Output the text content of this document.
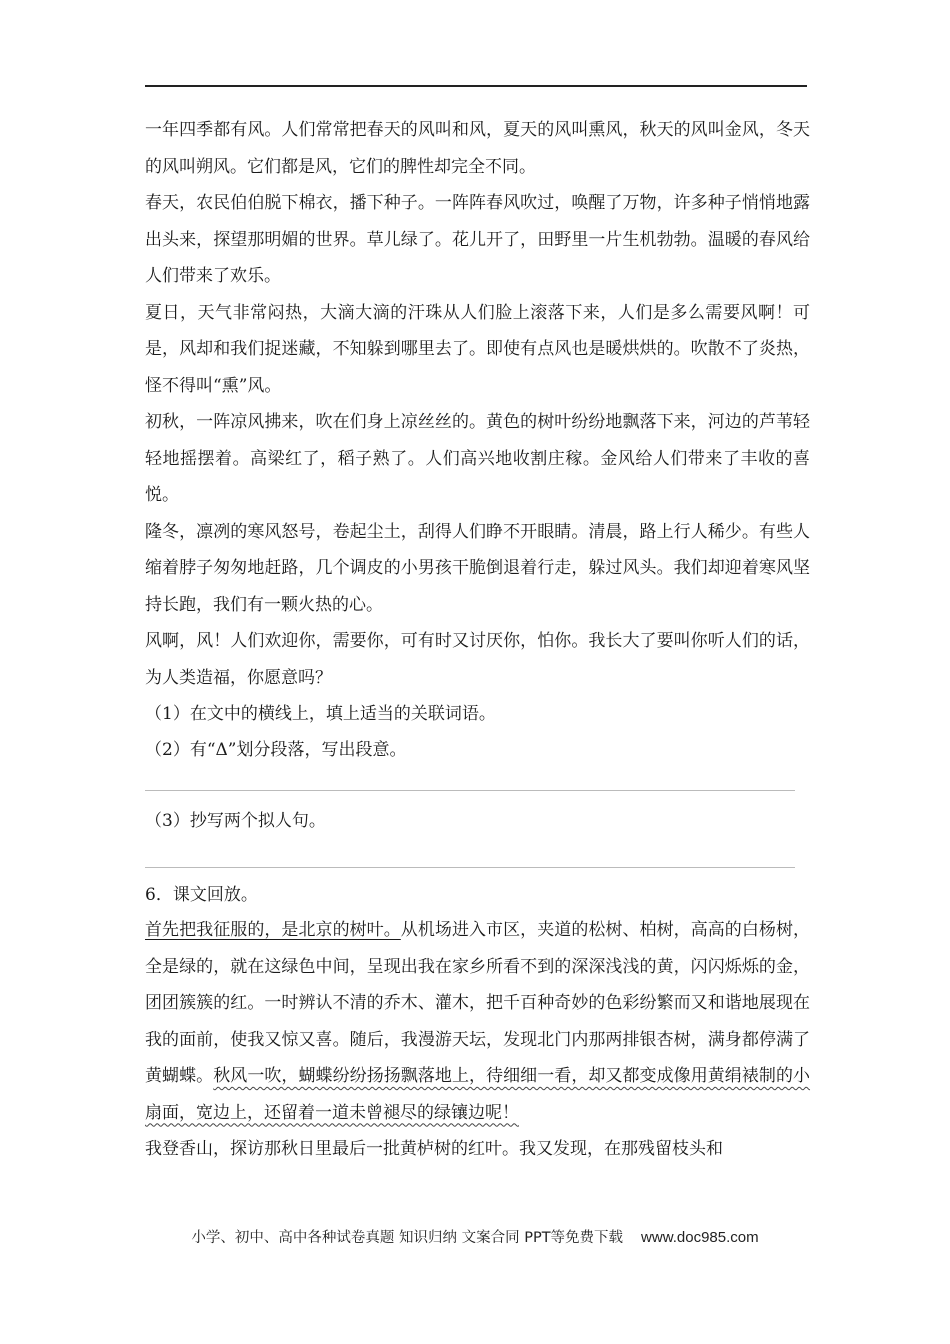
一年四季都有风。人们常常把春天的风叫和风，夏天的风叫熏风，秋天的风叫金风，冬天的风叫朔风。它们都是风，它们的脾性却完全不同。

春天，农民伯伯脱下棉衣，播下种子。一阵阵春风吹过，唤醒了万物，许多种子悄悄地露出头来，探望那明媚的世界。草儿绿了。花儿开了，田野里一片生机勃勃。温暖的春风给人们带来了欢乐。

夏日，天气非常闷热，大滴大滴的汗珠从人们脸上滚落下来，人们是多么需要风啊！可是，风却和我们捉迷藏，不知躲到哪里去了。即使有点风也是暖烘烘的。吹散不了炎热，怪不得叫“熏”风。

初秋，一阵凉风拂来，吹在们身上凉丝丝的。黄色的树叶纷纷地飘落下来，河边的芦苇轻轻地摇摆着。高梁红了，稻子熟了。人们高兴地收割庄稼。金风给人们带来了丰收的喜悦。

隆冬，凛冽的寒风怒号，卷起尘土，刮得人们睁不开眼睛。清晨，路上行人稀少。有些人缩着脖子匆匆地赶路，几个调皮的小男孩干脆倒退着行走，躲过风头。我们却迎着寒风坚持长跑，我们有一颗火热的心。

风啊，风！人们欢迎你，需要你，可有时又讨厌你，怕你。我长大了要叫你听人们的话，为人类造福，你愿意吗？

（1）在文中的横线上，填上适当的关联词语。

（2）有“Δ”划分段落，写出段意。

（3）抄写两个拟人句。

6．课文回放。

首先把我征服的，是北京的树叶。从机场进入市区，夹道的松树、柏树，高高的白杨树，全是绿的，就在这绿色中间，呈现出我在家乡所看不到的深深浅浅的黄，闪闪烁烁的金，团团簇簇的红。一时辨认不清的乔木、灌木，把千百种奇妙的色彩纷繁而又和谐地展现在我的面前，使我又惊又喜。随后，我漫游天坛，发现北门内那两排银杏树，满身都停满了黄蝴蝶。秋风一吹，蝴蝶纷纷扬扬飘落地上，待细细一看，却又都变成像用黄绢裱制的小扇面，宽边上，还留着一道未曾褪尽的绿镶边呢！

我登香山，探访那秋日里最后一批黄栌树的红叶。我又发现，在那残留枝头和

小学、初中、高中各种试卷真题 知识归纳 文案合同 PPT等免费下载 www.doc985.com
